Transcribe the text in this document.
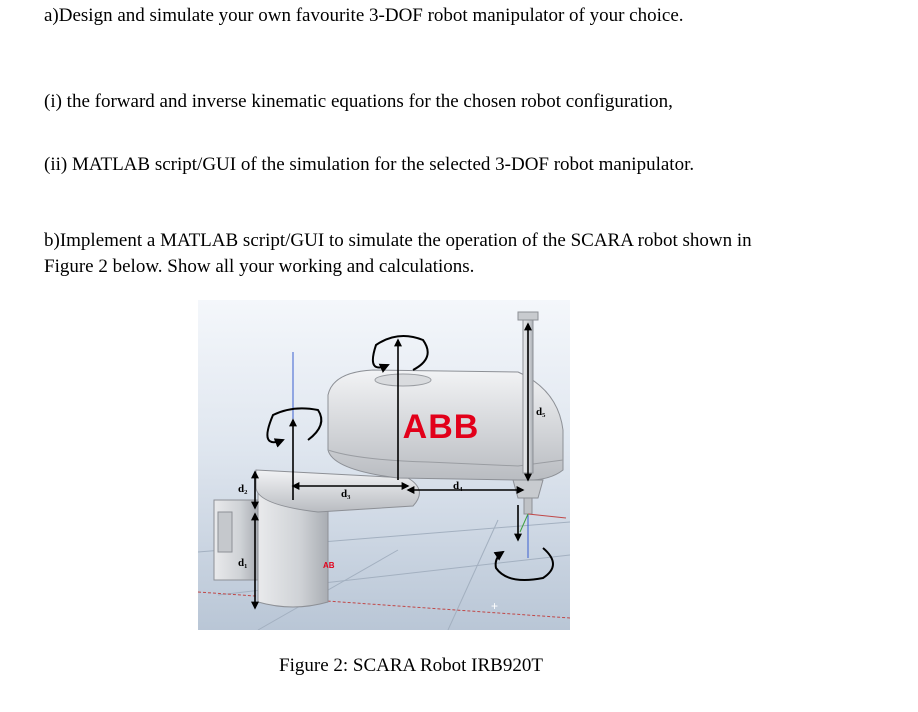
a)Design and simulate your own favourite 3-DOF robot manipulator of your choice.
(i) the forward and inverse kinematic equations for the chosen robot configuration,
(ii) MATLAB script/GUI of the simulation for the selected 3-DOF robot manipulator.
b)Implement a MATLAB script/GUI to simulate the operation of the SCARA robot shown in
Figure 2 below. Show all your working and calculations.
AB
ABB
+
d₂
d₁
d₃
d₄
d₅
Figure 2: SCARA Robot IRB920T
